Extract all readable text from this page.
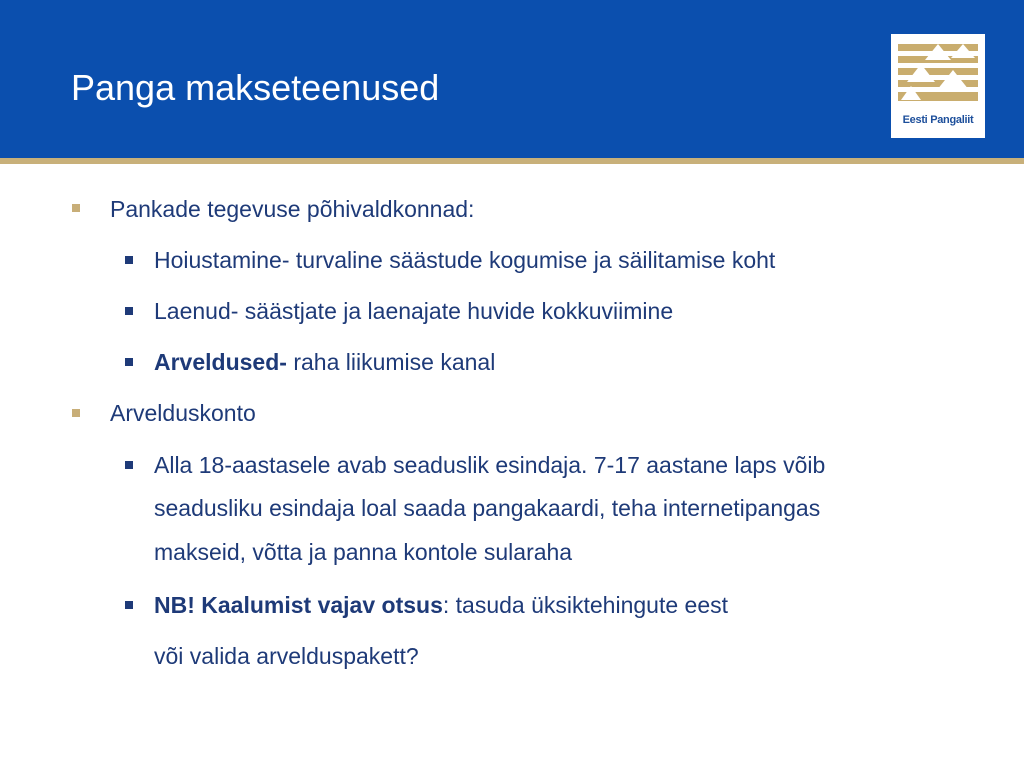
Panga makseteenused
Eesti Pangaliit
Pankade tegevuse põhivaldkonnad:
Hoiustamine- turvaline säästude kogumise ja säilitamise koht
Laenud- säästjate ja laenajate huvide kokkuviimine
Arveldused- raha liikumise kanal
Arvelduskonto
Alla 18-aastasele avab seaduslik esindaja. 7-17 aastane laps võib
seadusliku esindaja loal saada pangakaardi, teha internetipangas
makseid, võtta ja panna kontole sularaha
NB! Kaalumist vajav otsus: tasuda üksiktehingute eest
või valida arvelduspakett?
